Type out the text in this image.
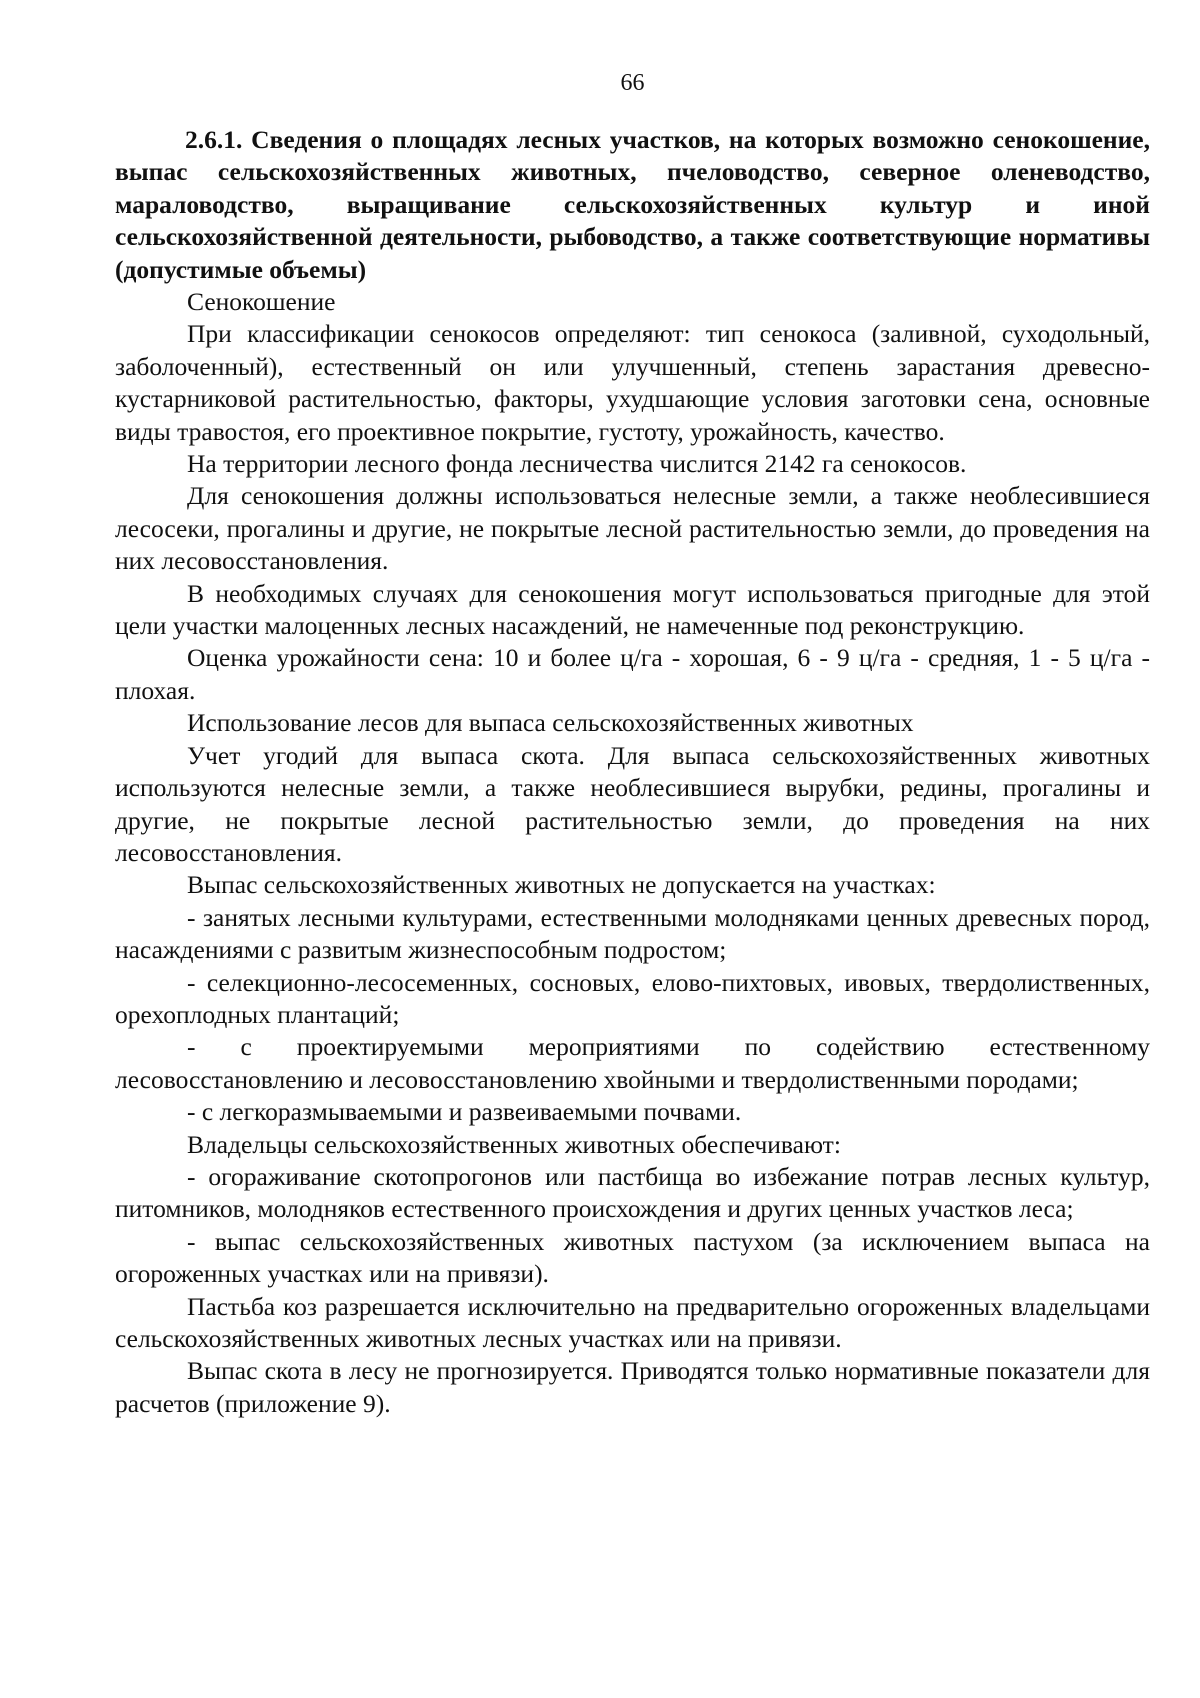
66
2.6.1. Сведения о площадях лесных участков, на которых возможно сенокошение, выпас сельскохозяйственных животных, пчеловодство, северное оленеводство, мараловодство, выращивание сельскохозяйственных культур и иной сельскохозяйственной деятельности, рыбоводство, а также соответствующие нормативы (допустимые объемы)

Сенокошение

При классификации сенокосов определяют: тип сенокоса (заливной, суходольный, заболоченный), естественный он или улучшенный, степень зарастания древесно-кустарниковой растительностью, факторы, ухудшающие условия заготовки сена, основные виды травостоя, его проективное покрытие, густоту, урожайность, качество.

На территории лесного фонда лесничества числится 2142 га сенокосов.

Для сенокошения должны использоваться нелесные земли, а также необлесившиеся лесосеки, прогалины и другие, не покрытые лесной растительностью земли, до проведения на них лесовосстановления.

В необходимых случаях для сенокошения могут использоваться пригодные для этой цели участки малоценных лесных насаждений, не намеченные под реконструкцию.

Оценка урожайности сена: 10 и более ц/га - хорошая, 6 - 9 ц/га - средняя, 1 - 5 ц/га - плохая.

Использование лесов для выпаса сельскохозяйственных животных

Учет угодий для выпаса скота. Для выпаса сельскохозяйственных животных используются нелесные земли, а также необлесившиеся вырубки, редины, прогалины и другие, не покрытые лесной растительностью земли, до проведения на них лесовосстановления.

Выпас сельскохозяйственных животных не допускается на участках:

- занятых лесными культурами, естественными молодняками ценных древесных пород, насаждениями с развитым жизнеспособным подростом;

- селекционно-лесосеменных, сосновых, елово-пихтовых, ивовых, твердолиственных, орехоплодных плантаций;

- с проектируемыми мероприятиями по содействию естественному лесовосстановлению и лесовосстановлению хвойными и твердолиственными породами;

- с легкоразмываемыми и развеиваемыми почвами.

Владельцы сельскохозяйственных животных обеспечивают:

- огораживание скотопрогонов или пастбища во избежание потрав лесных культур, питомников, молодняков естественного происхождения и других ценных участков леса;

- выпас сельскохозяйственных животных пастухом (за исключением выпаса на огороженных участках или на привязи).

Пастьба коз разрешается исключительно на предварительно огороженных владельцами сельскохозяйственных животных лесных участках или на привязи.

Выпас скота в лесу не прогнозируется. Приводятся только нормативные показатели для расчетов (приложение 9).
